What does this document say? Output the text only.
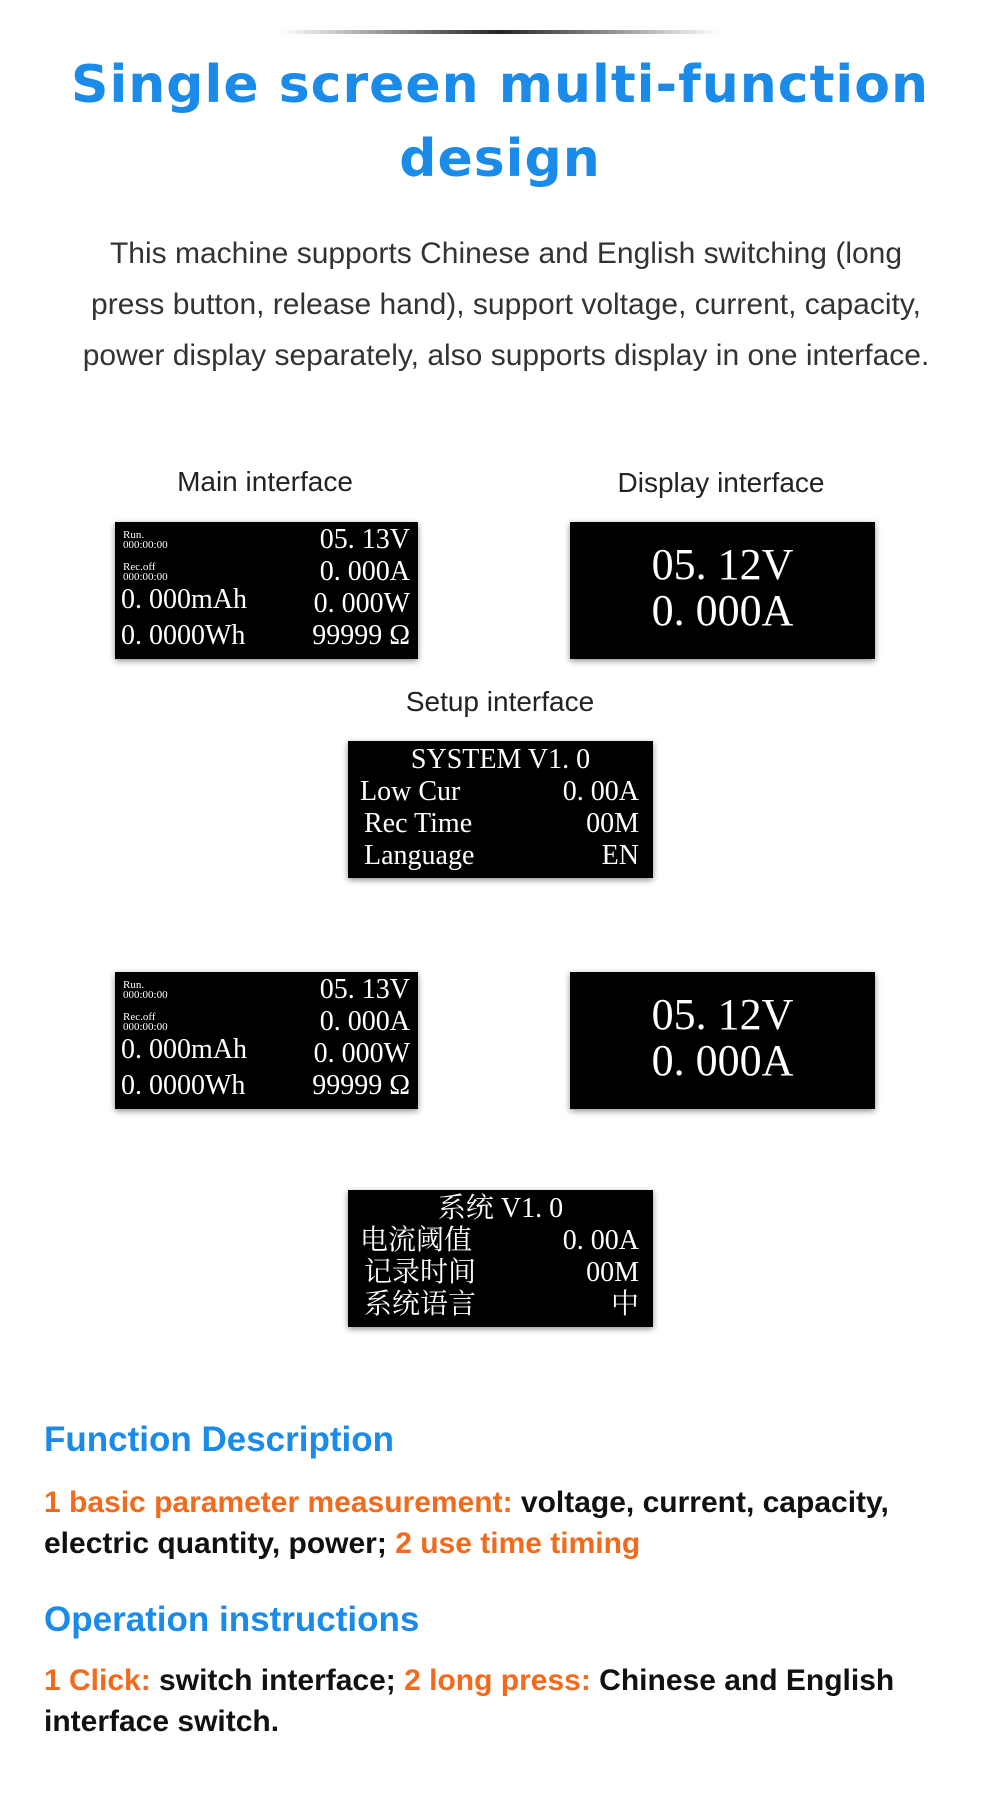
Single screen multi-function design

This machine supports Chinese and English switching (long press button, release hand), support voltage, current, capacity, power display separately, also supports display in one interface.

Main interface	Display interface
Setup interface
Run.
000:00:00	05. 13V
Rec.off
000:00:00	0. 000A
0. 000mAh 0. 000W
0. 0000Wh 99999 Ω
05. 12V
0. 000A
SYSTEM V1. 0
Low Cur	0. 00A
Rec Time	00M
Language	EN
Run.
000:00:00	05. 13V
Rec.off
000:00:00	0. 000A
0. 000mAh 0. 000W
0. 0000Wh 99999 Ω
05. 12V
0. 000A
系统 V1. 0
电流阈值	0. 00A
记录时间	00M
系统语言	中
Function Description

1 basic parameter measurement: voltage, current, capacity, electric quantity, power; 2 use time timing

Operation instructions

1 Click: switch interface; 2 long press: Chinese and English interface switch.
